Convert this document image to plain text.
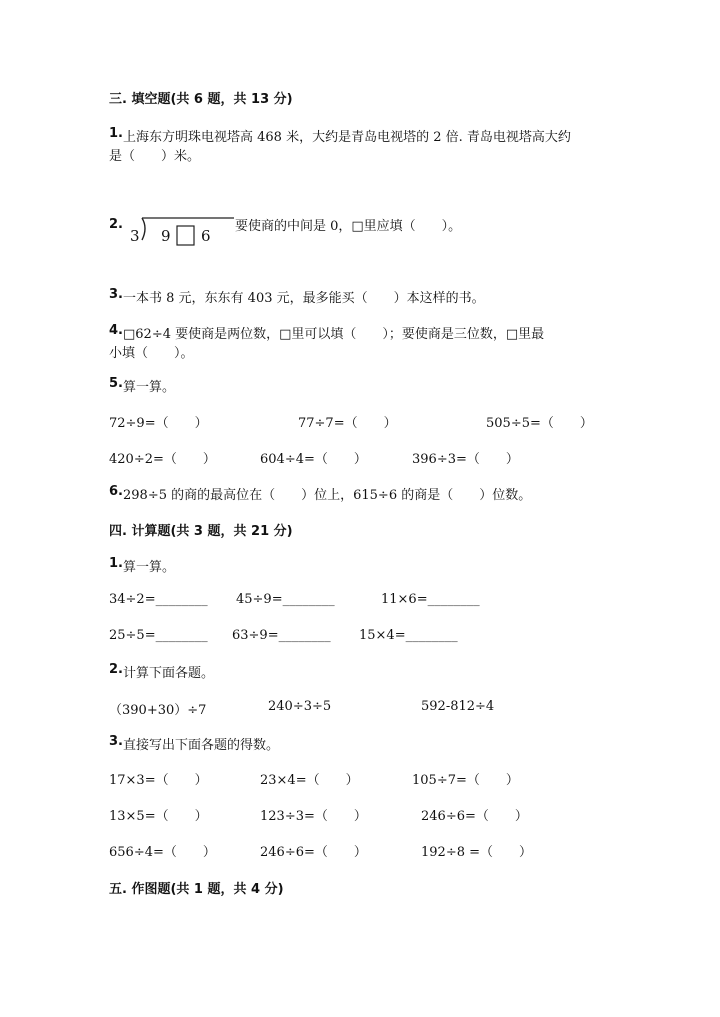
三. 填空题(共 6 题，共 13 分)
1. 上海东方明珠电视塔高 468 米，大约是青岛电视塔的 2 倍. 青岛电视塔高大约
是（　　）米。
2.
3 9 6
要使商的中间是 0，□里应填（　　）。
3. 一本书 8 元，东东有 403 元，最多能买（　　）本这样的书。
4. □62÷4 要使商是两位数，□里可以填（　　）；要使商是三位数，□里最
小填（　　）。
5. 算一算。
72÷9=（　　）	77÷7=（　　）	505÷5=（　　）
420÷2=（　　）	604÷4=（　　）	396÷3=（　　）
6. 298÷5 的商的最高位在（　　）位上，615÷6 的商是（　　）位数。
四. 计算题(共 3 题，共 21 分)
1. 算一算。
34÷2=________ 45÷9=________	11×6=________
25÷5=________ 63÷9=________ 15×4=________
2. 计算下面各题。
（390+30）÷7	240÷3÷5	592-812÷4
3. 直接写出下面各题的得数。
17×3=（　　）	23×4=（　　）	105÷7=（　　）
13×5=（　　）	123÷3=（　　）	246÷6=（　　）
656÷4=（　　）	246÷6=（　　）	192÷8 =（　　）
五. 作图题(共 1 题，共 4 分)
